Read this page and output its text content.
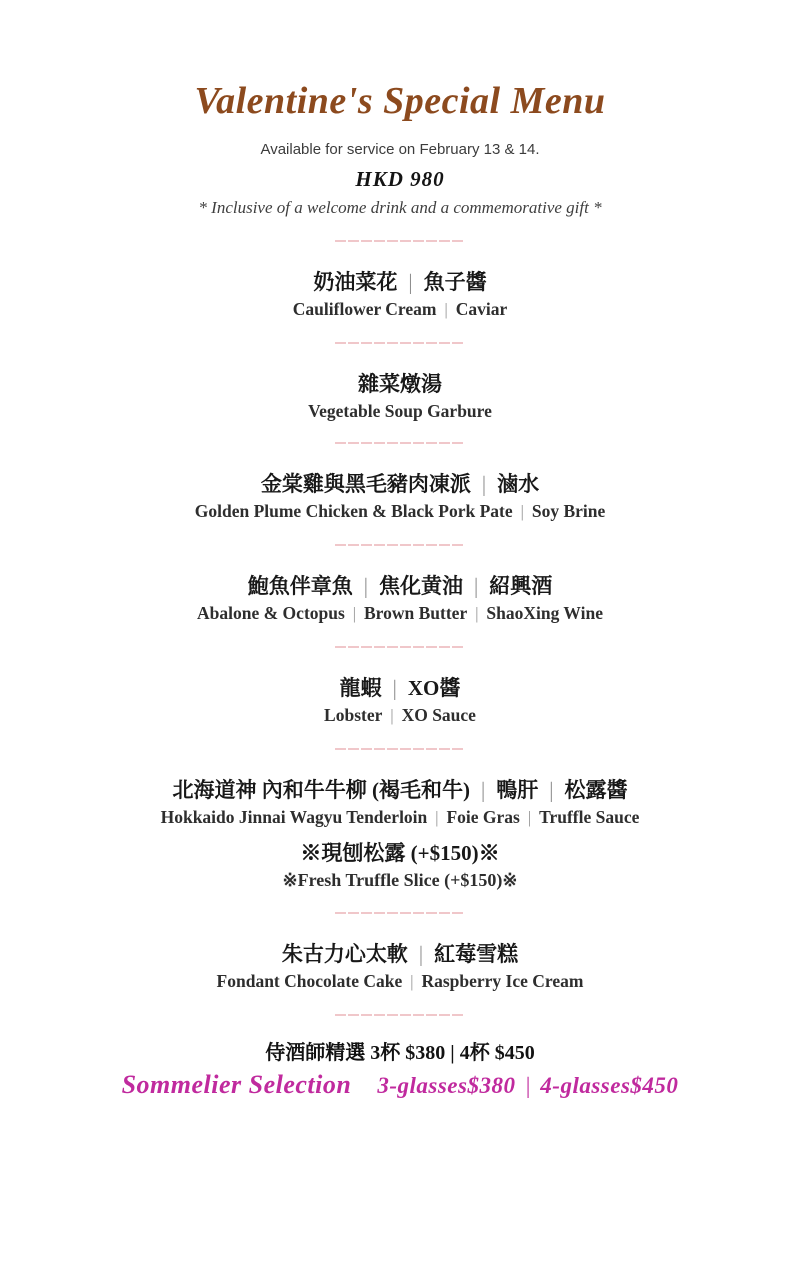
Valentine's Special Menu
Available for service on February 13 & 14.
HKD 980
* Inclusive of a welcome drink and a commemorative gift *
奶油菜花 | 魚子醬
Cauliflower Cream | Caviar
雜菜燉湯
Vegetable Soup Garbure
金棠雞與黑毛豬肉凍派 | 滷水
Golden Plume Chicken & Black Pork Pate | Soy Brine
鮑魚伴章魚 | 焦化黄油 | 紹興酒
Abalone & Octopus | Brown Butter | ShaoXing Wine
龍蝦 | XO醬
Lobster | XO Sauce
北海道神 內和牛牛柳 (褐毛和牛) | 鴨肝 | 松露醬
Hokkaido Jinnai Wagyu Tenderloin | Foie Gras | Truffle Sauce
※現刨松露 (+$150)※
※Fresh Truffle Slice (+$150)※
朱古力心太軟 | 紅莓雪糕
Fondant Chocolate Cake | Raspberry Ice Cream
侍酒師精選 3杯 $380 | 4杯 $450
Sommelier Selection 3-glasses$380 | 4-glasses$450
